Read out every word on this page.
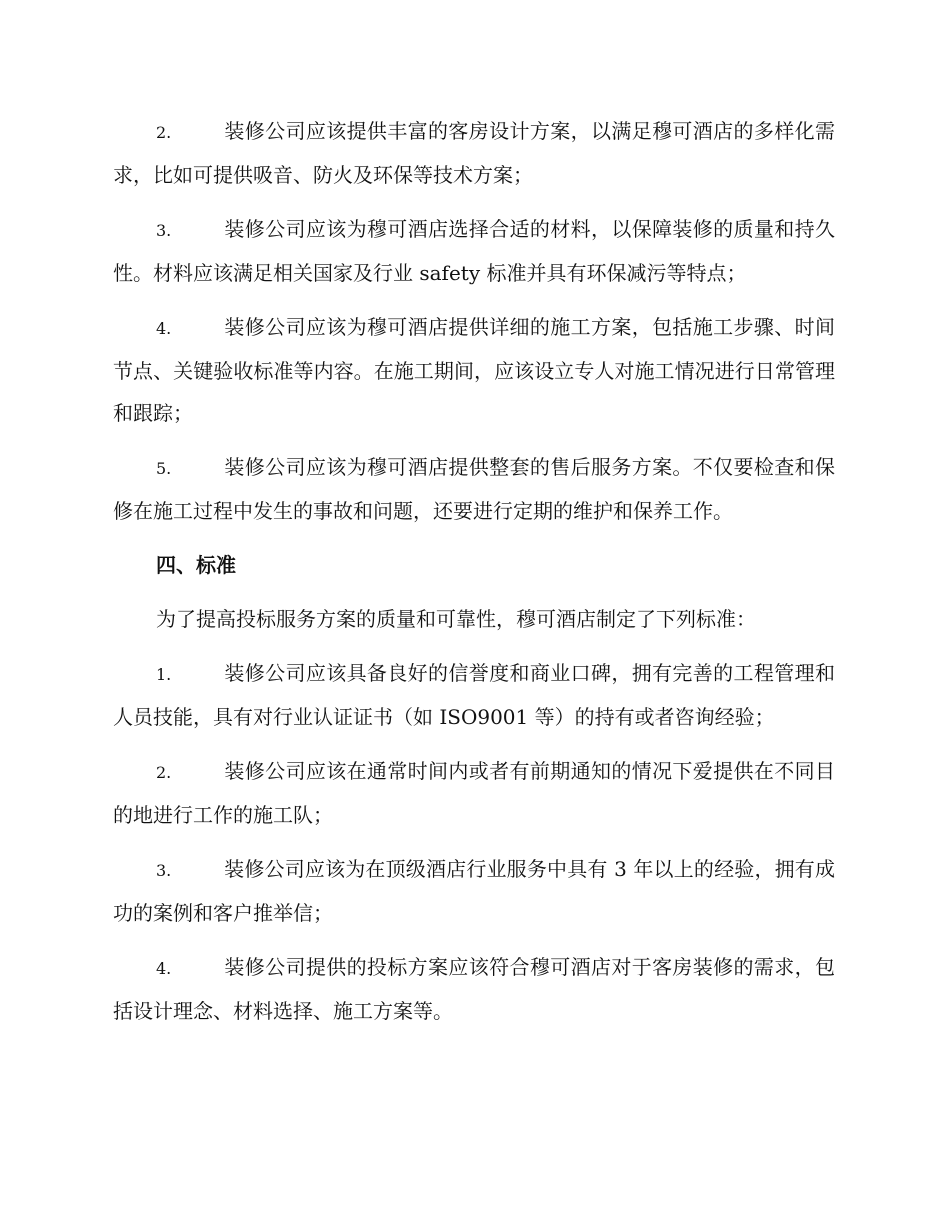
2.	装修公司应该提供丰富的客房设计方案，以满足穆可酒店的多样化需求，比如可提供吸音、防火及环保等技术方案；

3.	装修公司应该为穆可酒店选择合适的材料，以保障装修的质量和持久性。材料应该满足相关国家及行业 safety 标准并具有环保减污等特点；

4.	装修公司应该为穆可酒店提供详细的施工方案，包括施工步骤、时间节点、关键验收标准等内容。在施工期间，应该设立专人对施工情况进行日常管理和跟踪；

5.	装修公司应该为穆可酒店提供整套的售后服务方案。不仅要检查和保修在施工过程中发生的事故和问题，还要进行定期的维护和保养工作。

四、标准

为了提高投标服务方案的质量和可靠性，穆可酒店制定了下列标准：

1.	装修公司应该具备良好的信誉度和商业口碑，拥有完善的工程管理和人员技能，具有对行业认证证书（如 ISO9001 等）的持有或者咨询经验；

2.	装修公司应该在通常时间内或者有前期通知的情况下爱提供在不同目的地进行工作的施工队；

3.	装修公司应该为在顶级酒店行业服务中具有 3 年以上的经验，拥有成功的案例和客户推举信；

4.	装修公司提供的投标方案应该符合穆可酒店对于客房装修的需求，包括设计理念、材料选择、施工方案等。
